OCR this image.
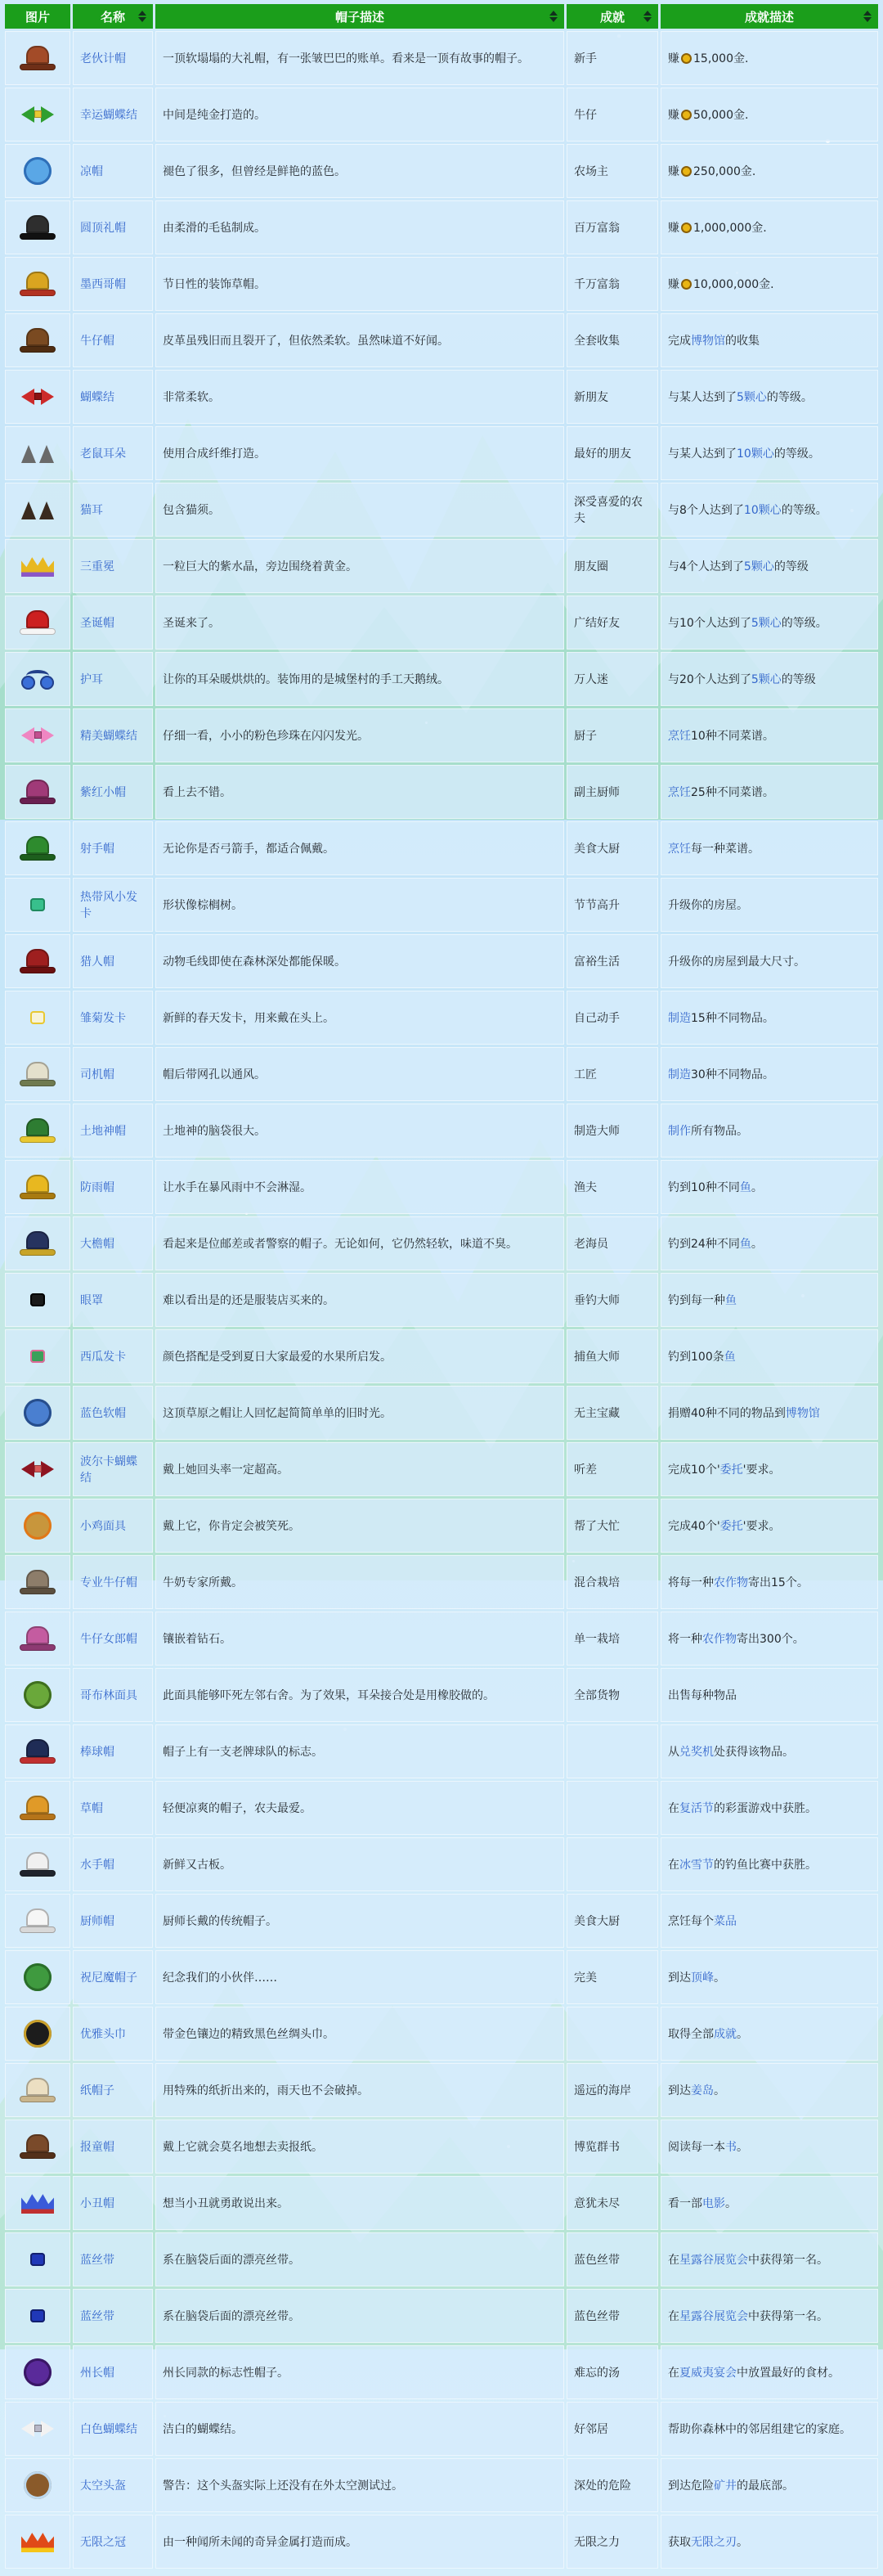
图片	名称	帽子描述	成就	成就描述

	老伙计帽	一顶软塌塌的大礼帽，有一张皱巴巴的账单。看来是一顶有故事的帽子。	新手	赚 15,000金.

	幸运蝴蝶结	中间是纯金打造的。	牛仔	赚 50,000金.
	凉帽	褪色了很多，但曾经是鲜艳的蓝色。	农场主	赚 250,000金.

	圆顶礼帽	由柔滑的毛毡制成。	百万富翁	赚 1,000,000金.

	墨西哥帽	节日性的装饰草帽。	千万富翁	赚 10,000,000金.

	牛仔帽	皮革虽残旧而且裂开了，但依然柔软。虽然味道不好闻。	全套收集	完成博物馆的收集

	蝴蝶结	非常柔软。	新朋友	与某人达到了5颗心的等级。

	老鼠耳朵	使用合成纤维打造。	最好的朋友	与某人达到了10颗心的等级。

	猫耳	包含猫须。	深受喜爱的农夫	与8个人达到了10颗心的等级。
	三重冕	一粒巨大的紫水晶，旁边围绕着黄金。	朋友圈	与4个人达到了5颗心的等级

	圣诞帽	圣诞来了。	广结好友	与10个人达到了5颗心的等级。

	护耳	让你的耳朵暖烘烘的。装饰用的是城堡村的手工天鹅绒。	万人迷	与20个人达到了5颗心的等级

	精美蝴蝶结	仔细一看，小小的粉色珍珠在闪闪发光。	厨子	烹饪10种不同菜谱。

	紫红小帽	看上去不错。	副主厨师	烹饪25种不同菜谱。

	射手帽	无论你是否弓箭手，都适合佩戴。	美食大厨	烹饪每一种菜谱。
	热带风小发卡	形状像棕榈树。	节节高升	升级你的房屋。

	猎人帽	动物毛线即使在森林深处都能保暖。	富裕生活	升级你的房屋到最大尺寸。
	雏菊发卡	新鲜的春天发卡，用来戴在头上。	自己动手	制造15种不同物品。

	司机帽	帽后带网孔以通风。	工匠	制造30种不同物品。

	土地神帽	土地神的脑袋很大。	制造大师	制作所有物品。

	防雨帽	让水手在暴风雨中不会淋湿。	渔夫	钓到10种不同鱼。

	大檐帽	看起来是位邮差或者警察的帽子。无论如何，它仍然轻软，味道不臭。	老海员	钓到24种不同鱼。
	眼罩	难以看出是的还是服装店买来的。	垂钓大师	钓到每一种鱼
	西瓜发卡	颜色搭配是受到夏日大家最爱的水果所启发。	捕鱼大师	钓到100条鱼
	蓝色软帽	这顶草原之帽让人回忆起简简单单的旧时光。	无主宝藏	捐赠40种不同的物品到博物馆

	波尔卡蝴蝶结	戴上她回头率一定超高。	听差	完成10个'委托'要求。
	小鸡面具	戴上它，你肯定会被笑死。	帮了大忙	完成40个'委托'要求。

	专业牛仔帽	牛奶专家所戴。	混合栽培	将每一种农作物寄出15个。

	牛仔女郎帽	镶嵌着钻石。	单一栽培	将一种农作物寄出300个。
	哥布林面具	此面具能够吓死左邻右舍。为了效果，耳朵接合处是用橡胶做的。	全部货物	出售每种物品

	棒球帽	帽子上有一支老牌球队的标志。		从兑奖机处获得该物品。

	草帽	轻便凉爽的帽子，农夫最爱。		在复活节的彩蛋游戏中获胜。

	水手帽	新鲜又古板。		在冰雪节的钓鱼比赛中获胜。

	厨师帽	厨师长戴的传统帽子。	美食大厨	烹饪每个菜品
	祝尼魔帽子	纪念我们的小伙伴……	完美	到达顶峰。
	优雅头巾	带金色镶边的精致黑色丝绸头巾。		取得全部成就。

	纸帽子	用特殊的纸折出来的，雨天也不会破掉。	遥远的海岸	到达姜岛。

	报童帽	戴上它就会莫名地想去卖报纸。	博览群书	阅读每一本书。
	小丑帽	想当小丑就勇敢说出来。	意犹未尽	看一部电影。
	蓝丝带	系在脑袋后面的漂亮丝带。	蓝色丝带	在星露谷展览会中获得第一名。
	蓝丝带	系在脑袋后面的漂亮丝带。	蓝色丝带	在星露谷展览会中获得第一名。
	州长帽	州长同款的标志性帽子。	难忘的汤	在夏威夷宴会中放置最好的食材。

	白色蝴蝶结	洁白的蝴蝶结。	好邻居	帮助你森林中的邻居组建它的家庭。
	太空头盔	警告：这个头盔实际上还没有在外太空测试过。	深处的危险	到达危险矿井的最底部。
	无限之冠	由一种闻所未闻的奇异金属打造而成。	无限之力	获取无限之刃。
